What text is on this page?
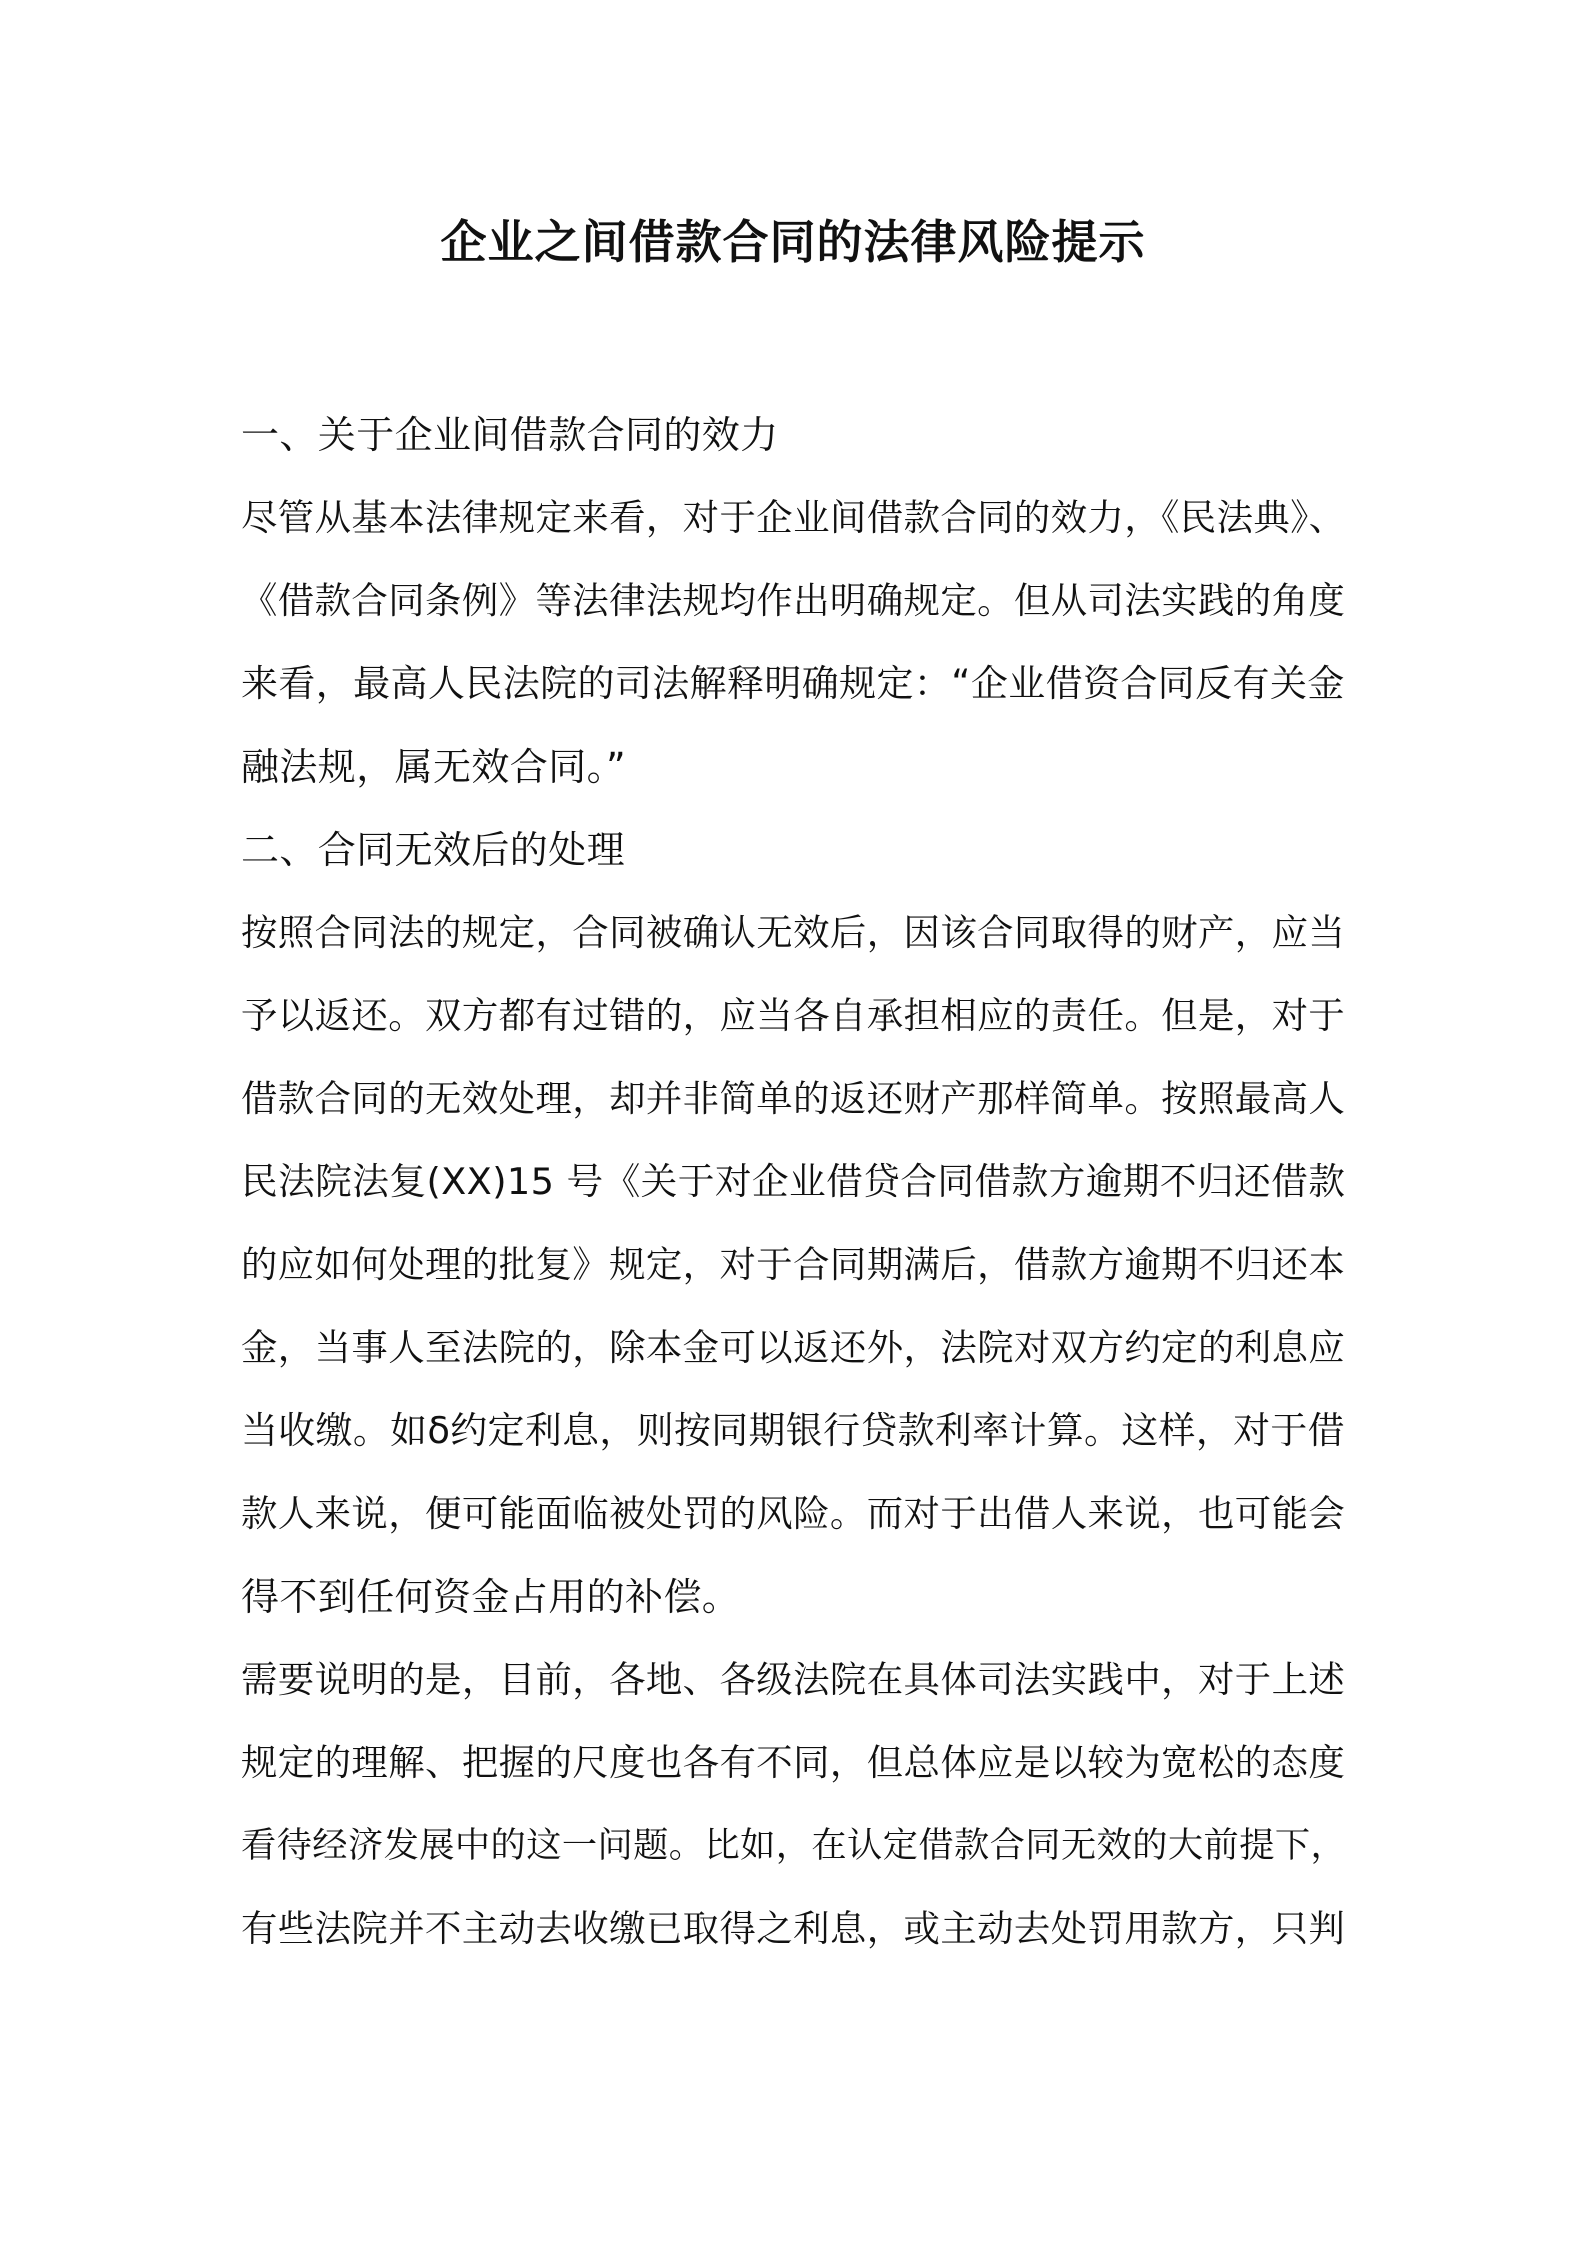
企业之间借款合同的法律风险提示
一、关于企业间借款合同的效力
尽管从基本法律规定来看，对于企业间借款合同的效力，《民法典》、
《借款合同条例》等法律法规均作出明确规定。但从司法实践的角度
来看，最高人民法院的司法解释明确规定：“企业借资合同反有关金
融法规，属无效合同。”
二、合同无效后的处理
按照合同法的规定，合同被确认无效后，因该合同取得的财产，应当
予以返还。双方都有过错的，应当各自承担相应的责任。但是，对于
借款合同的无效处理，却并非简单的返还财产那样简单。按照最高人
民法院法复(XX)15 号《关于对企业借贷合同借款方逾期不归还借款
的应如何处理的批复》规定，对于合同期满后，借款方逾期不归还本
金，当事人至法院的，除本金可以返还外，法院对双方约定的利息应
当收缴。如δ约定利息，则按同期银行贷款利率计算。这样，对于借
款人来说，便可能面临被处罚的风险。而对于出借人来说，也可能会
得不到任何资金占用的补偿。
需要说明的是，目前，各地、各级法院在具体司法实践中，对于上述
规定的理解、把握的尺度也各有不同，但总体应是以较为宽松的态度
看待经济发展中的这一问题。比如，在认定借款合同无效的大前提下，
有些法院并不主动去收缴已取得之利息，或主动去处罚用款方，只判
